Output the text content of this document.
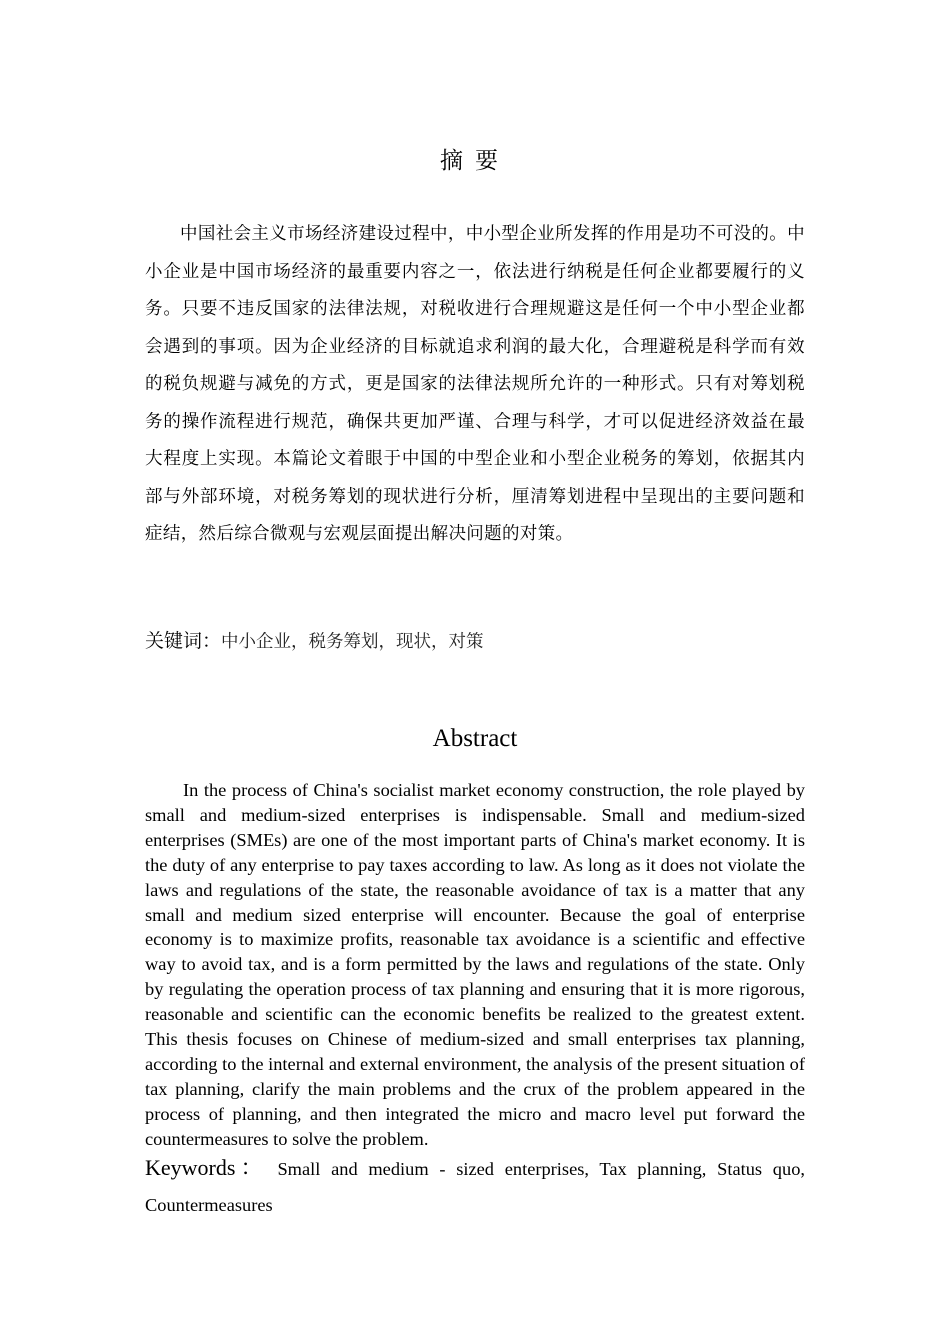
摘要

中国社会主义市场经济建设过程中，中小型企业所发挥的作用是功不可没的。中小企业是中国市场经济的最重要内容之一，依法进行纳税是任何企业都要履行的义务。只要不违反国家的法律法规，对税收进行合理规避这是任何一个中小型企业都会遇到的事项。因为企业经济的目标就追求利润的最大化，合理避税是科学而有效的税负规避与减免的方式，更是国家的法律法规所允许的一种形式。只有对筹划税务的操作流程进行规范，确保共更加严谨、合理与科学，才可以促进经济效益在最大程度上实现。本篇论文着眼于中国的中型企业和小型企业税务的筹划，依据其内部与外部环境，对税务筹划的现状进行分析，厘清筹划进程中呈现出的主要问题和症结，然后综合微观与宏观层面提出解决问题的对策。

关键词：中小企业，税务筹划，现状，对策
Abstract

In the process of China's socialist market economy construction, the role played by small and medium-sized enterprises is indispensable. Small and medium-sized enterprises (SMEs) are one of the most important parts of China's market economy. It is the duty of any enterprise to pay taxes according to law. As long as it does not violate the laws and regulations of the state, the reasonable avoidance of tax is a matter that any small and medium sized enterprise will encounter. Because the goal of enterprise economy is to maximize profits, reasonable tax avoidance is a scientific and effective way to avoid tax, and is a form permitted by the laws and regulations of the state. Only by regulating the operation process of tax planning and ensuring that it is more rigorous, reasonable and scientific can the economic benefits be realized to the greatest extent. This thesis focuses on Chinese of medium-sized and small enterprises tax planning, according to the internal and external environment, the analysis of the present situation of tax planning, clarify the main problems and the crux of the problem appeared in the process of planning, and then integrated the micro and macro level put forward the countermeasures to solve the problem.

Keywords： Small and medium - sized enterprises, Tax planning, Status quo, Countermeasures
